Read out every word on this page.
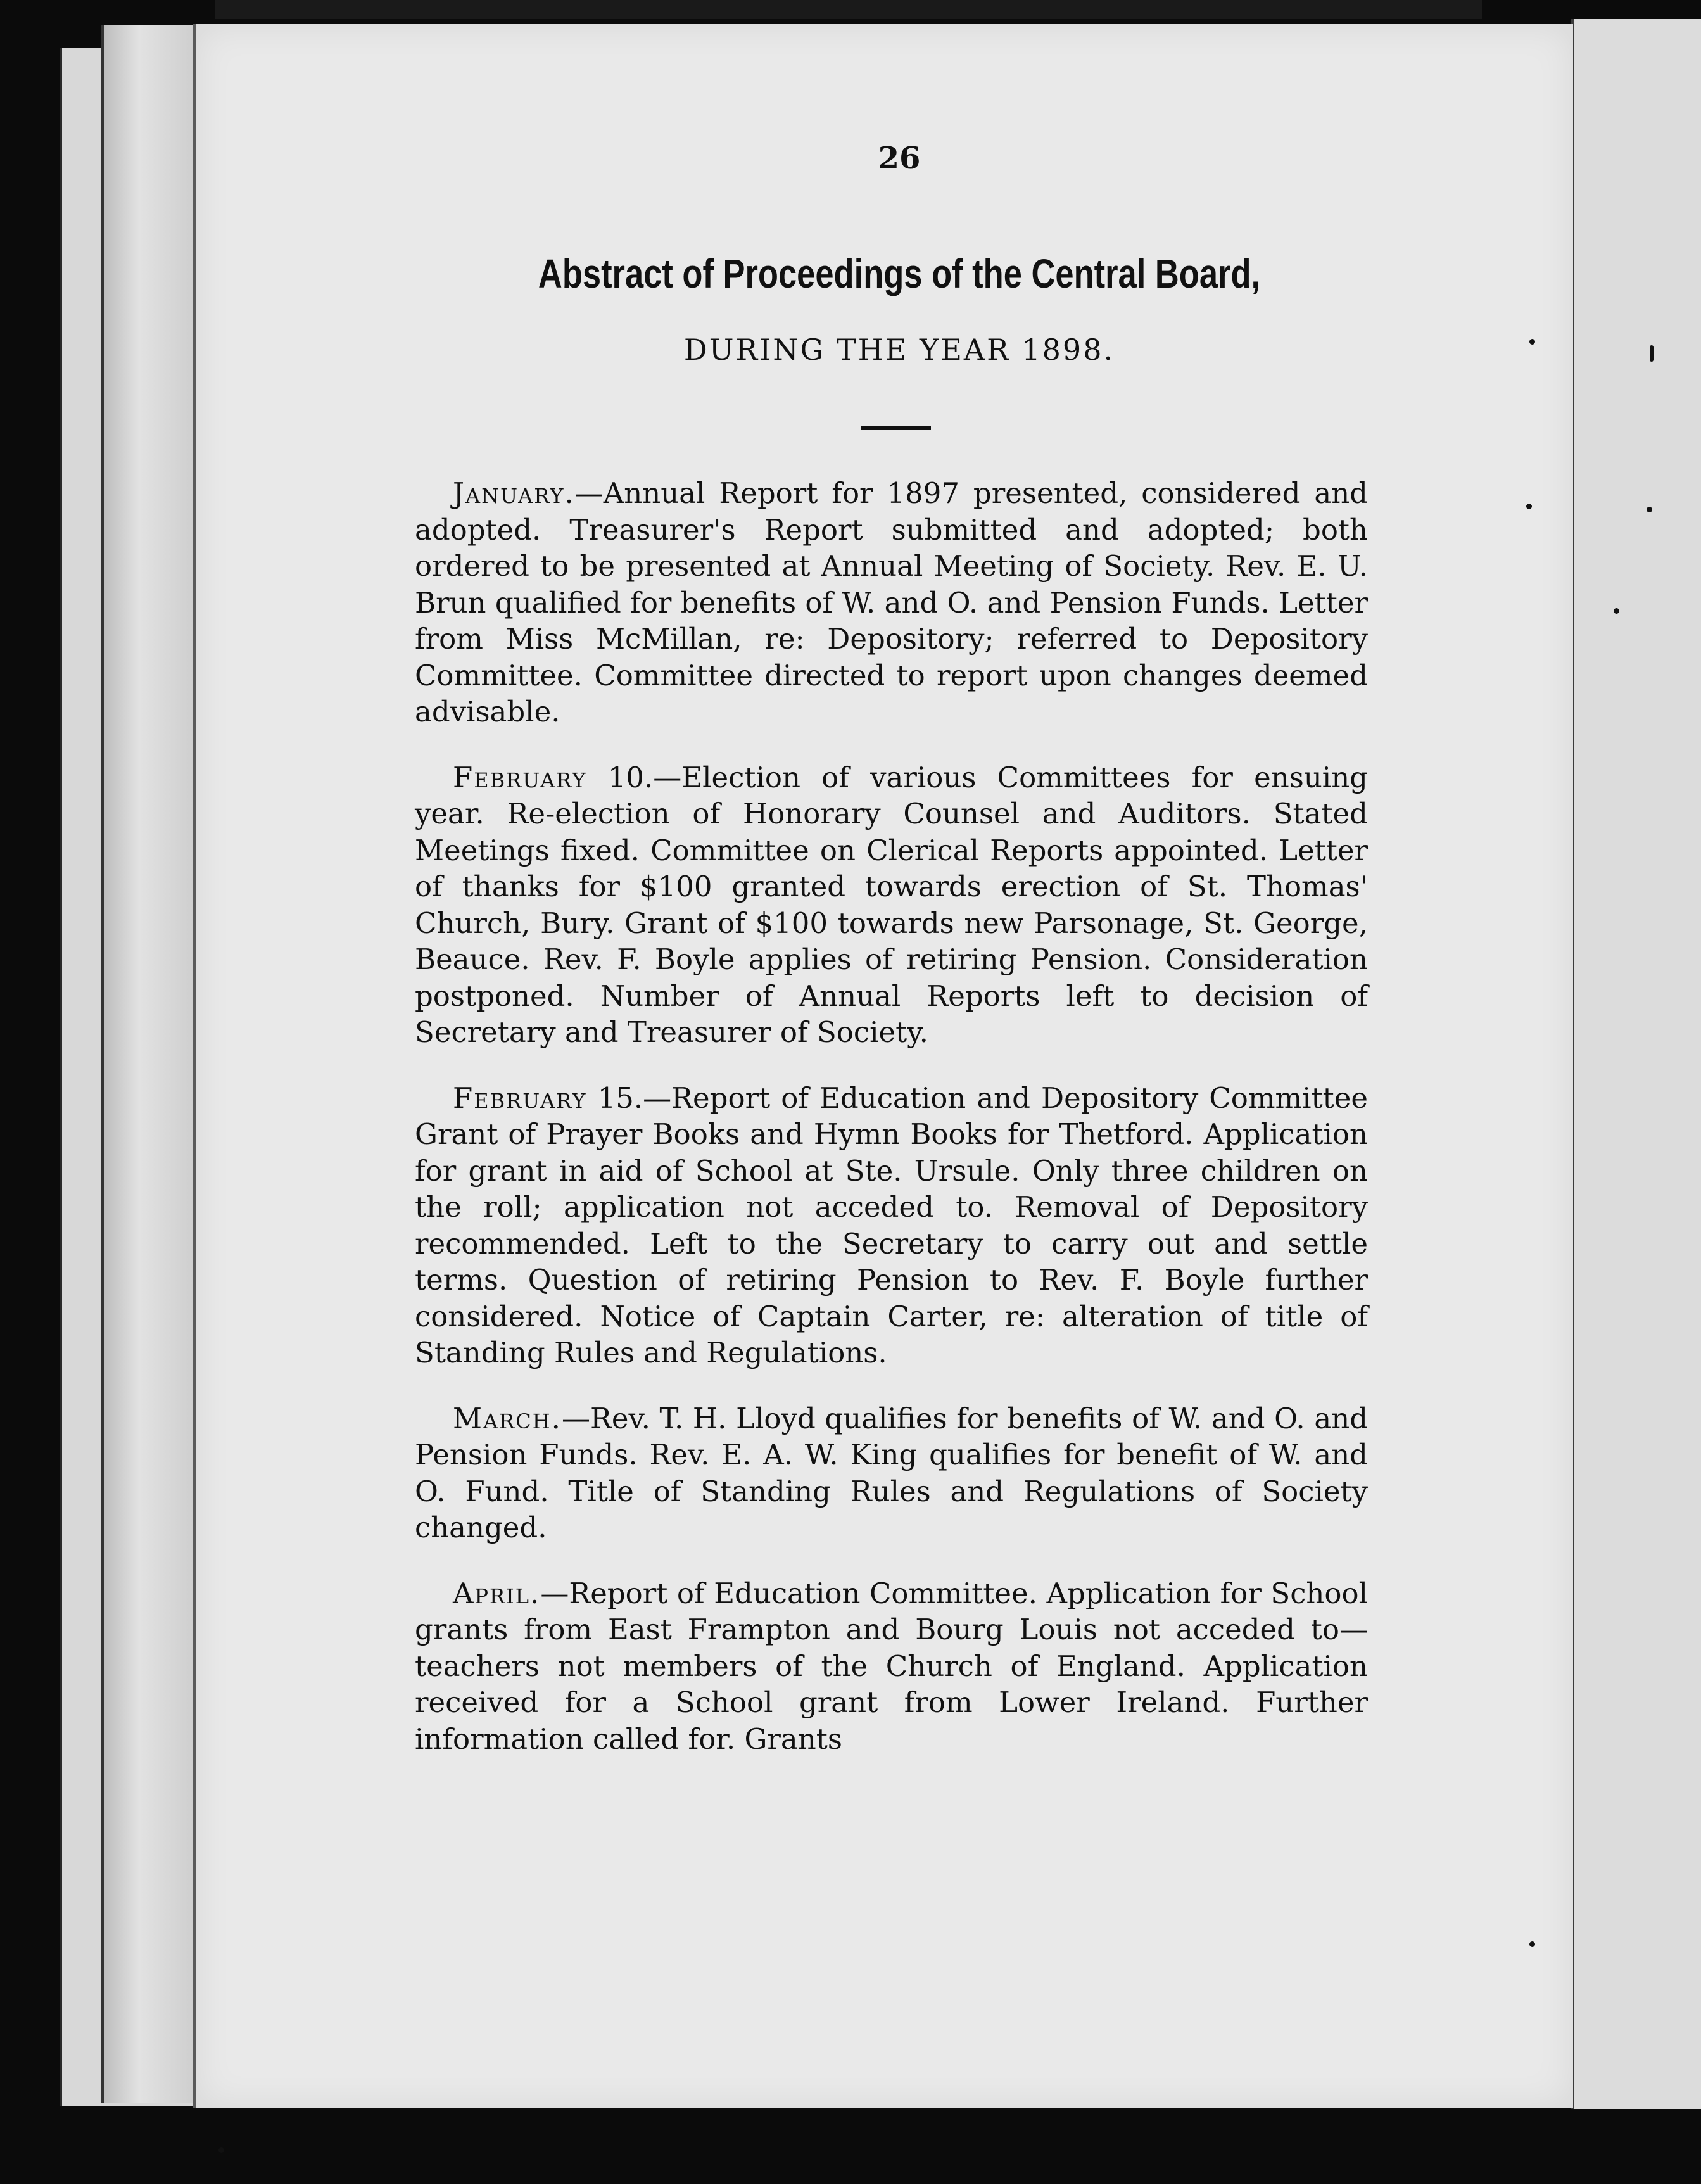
26
Abstract of Proceedings of the Central Board,
DURING THE YEAR 1898.

January.—Annual Report for 1897 presented, considered and adopted. Treasurer's Report submitted and adopted; both ordered to be presented at Annual Meeting of Society. Rev. E. U. Brun qualified for benefits of W. and O. and Pension Funds. Letter from Miss McMillan, re: Depository; referred to Depository Committee. Committee directed to report upon changes deemed advisable.

February 10.—Election of various Committees for ensuing year. Re-election of Honorary Counsel and Auditors. Stated Meetings fixed. Committee on Clerical Reports appointed. Letter of thanks for $100 granted towards erection of St. Thomas' Church, Bury. Grant of $100 towards new Parsonage, St. George, Beauce. Rev. F. Boyle applies of retiring Pension. Consideration postponed. Number of Annual Reports left to decision of Secretary and Treasurer of Society.

February 15.—Report of Education and Depository Committee Grant of Prayer Books and Hymn Books for Thetford. Application for grant in aid of School at Ste. Ursule. Only three children on the roll; application not acceded to. Removal of Depository recommended. Left to the Secretary to carry out and settle terms. Question of retiring Pension to Rev. F. Boyle further considered. Notice of Captain Carter, re: alteration of title of Standing Rules and Regulations.

March.—Rev. T. H. Lloyd qualifies for benefits of W. and O. and Pension Funds. Rev. E. A. W. King qualifies for benefit of W. and O. Fund. Title of Standing Rules and Regulations of Society changed.

April.—Report of Education Committee. Application for School grants from East Frampton and Bourg Louis not acceded to—teachers not members of the Church of England. Application received for a School grant from Lower Ireland. Further information called for. Grants
